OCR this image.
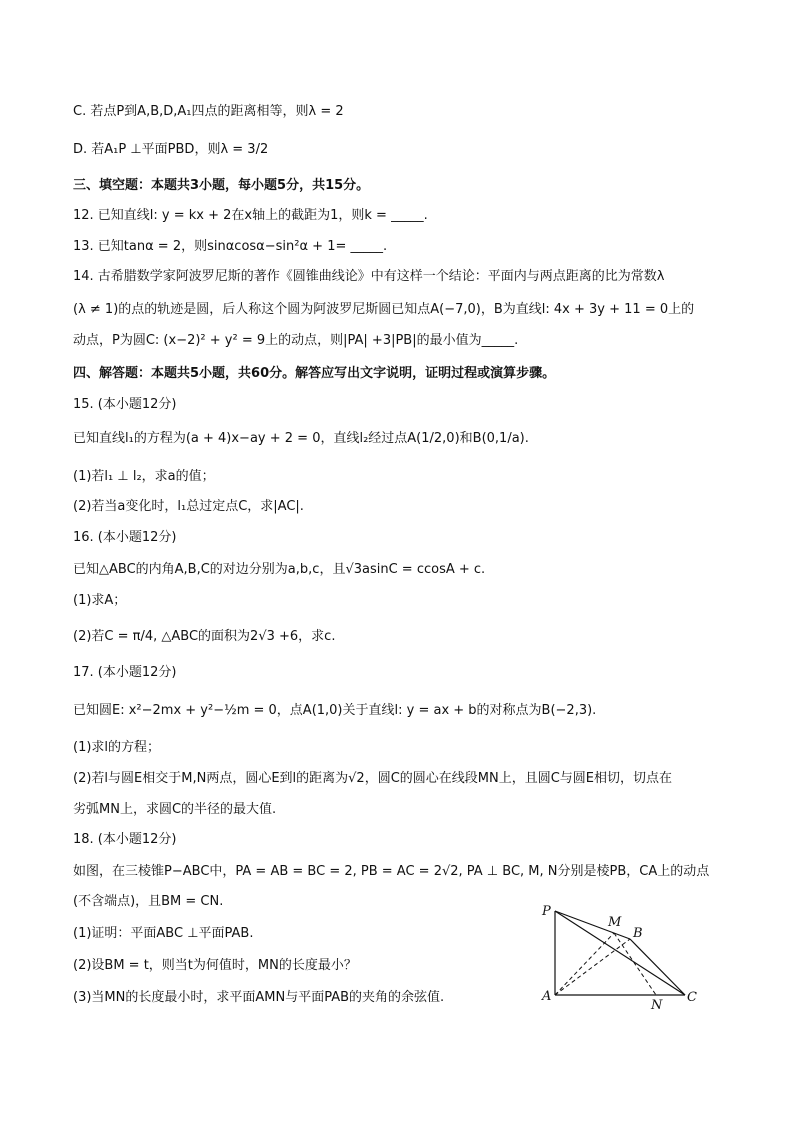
C. 若点P到A,B,D,A₁四点的距离相等，则λ = 2
D. 若A₁P ⊥平面PBD，则λ = 3/2
三、填空题：本题共3小题，每小题5分，共15分。
12. 已知直线l: y = kx + 2在x轴上的截距为1，则k = _____.
13. 已知tanα = 2，则sinαcosα−sin²α + 1= _____.
14. 古希腊数学家阿波罗尼斯的著作《圆锥曲线论》中有这样一个结论：平面内与两点距离的比为常数λ
(λ ≠ 1)的点的轨迹是圆，后人称这个圆为阿波罗尼斯圆已知点A(−7,0)，B为直线l: 4x + 3y + 11 = 0上的
动点，P为圆C: (x−2)² + y² = 9上的动点，则|PA| +3|PB|的最小值为_____.
四、解答题：本题共5小题，共60分。解答应写出文字说明，证明过程或演算步骤。
15. (本小题12分)
已知直线l₁的方程为(a + 4)x−ay + 2 = 0，直线l₂经过点A(1/2,0)和B(0,1/a).
(1)若l₁ ⊥ l₂，求a的值；
(2)若当a变化时，l₁总过定点C，求|AC|.
16. (本小题12分)
已知△ABC的内角A,B,C的对边分别为a,b,c，且√3asinC = ccosA + c.
(1)求A；
(2)若C = π/4, △ABC的面积为2√3 +6，求c.
17. (本小题12分)
已知圆E: x²−2mx + y²−½m = 0，点A(1,0)关于直线l: y = ax + b的对称点为B(−2,3).
(1)求l的方程；
(2)若l与圆E相交于M,N两点，圆心E到l的距离为√2，圆C的圆心在线段MN上，且圆C与圆E相切，切点在
劣弧MN上，求圆C的半径的最大值.
18. (本小题12分)
如图，在三棱锥P−ABC中，PA = AB = BC = 2, PB = AC = 2√2, PA ⊥ BC, M, N分别是棱PB，CA上的动点
(不含端点)，且BM = CN.
(1)证明：平面ABC ⊥平面PAB.
(2)设BM = t，则当t为何值时，MN的长度最小？
(3)当MN的长度最小时，求平面AMN与平面PAB的夹角的余弦值.
P
M
B
A
N
C
